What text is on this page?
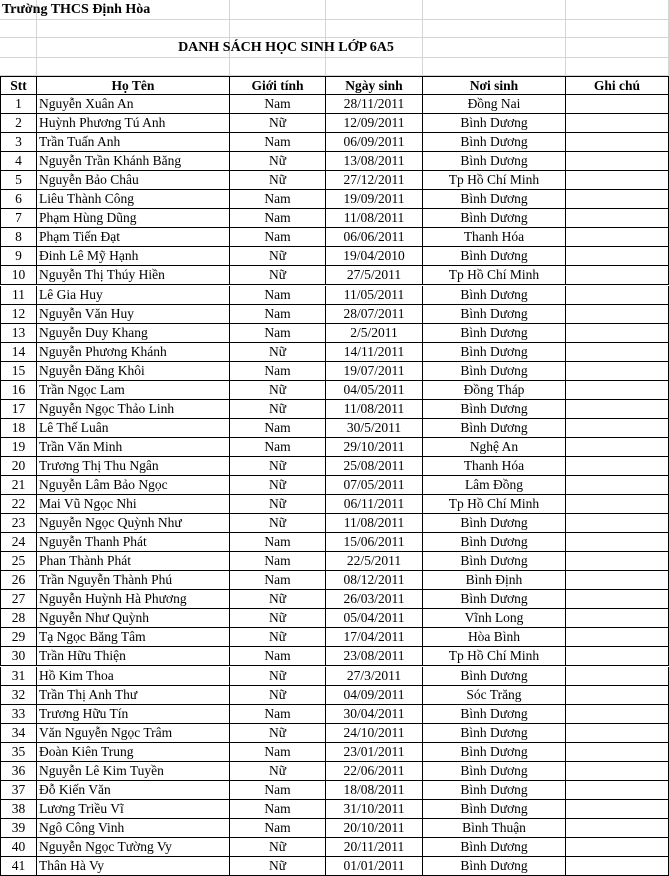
Trường THCS Định Hòa
DANH SÁCH HỌC SINH LỚP 6A5
Stt	Họ Tên	Giới tính	Ngày sinh	Nơi sinh	Ghi chú
1	Nguyễn Xuân An	Nam	28/11/2011	Đồng Nai
2	Huỳnh Phương Tú Anh	Nữ	12/09/2011	Bình Dương
3	Trần Tuấn Anh	Nam	06/09/2011	Bình Dương
4	Nguyễn Trần Khánh Băng	Nữ	13/08/2011	Bình Dương
5	Nguyễn Bảo Châu	Nữ	27/12/2011	Tp Hồ Chí Minh
6	Liêu Thành Công	Nam	19/09/2011	Bình Dương
7	Phạm Hùng Dũng	Nam	11/08/2011	Bình Dương
8	Phạm Tiến Đạt	Nam	06/06/2011	Thanh Hóa
9	Đinh Lê Mỹ Hạnh	Nữ	19/04/2010	Bình Dương
10	Nguyễn Thị Thúy Hiền	Nữ	27/5/2011	Tp Hồ Chí Minh
11	Lê Gia Huy	Nam	11/05/2011	Bình Dương
12	Nguyễn Văn Huy	Nam	28/07/2011	Bình Dương
13	Nguyễn Duy Khang	Nam	2/5/2011	Bình Dương
14	Nguyễn Phương Khánh	Nữ	14/11/2011	Bình Dương
15	Nguyễn Đăng Khôi	Nam	19/07/2011	Bình Dương
16	Trần Ngọc Lam	Nữ	04/05/2011	Đồng Tháp
17	Nguyễn Ngọc Thảo Linh	Nữ	11/08/2011	Bình Dương
18	Lê Thế Luân	Nam	30/5/2011	Bình Dương
19	Trần Văn Minh	Nam	29/10/2011	Nghệ An
20	Trương Thị Thu Ngân	Nữ	25/08/2011	Thanh Hóa
21	Nguyễn Lâm Bảo Ngọc	Nữ	07/05/2011	Lâm Đồng
22	Mai Vũ Ngọc Nhi	Nữ	06/11/2011	Tp Hồ Chí Minh
23	Nguyễn Ngọc Quỳnh Như	Nữ	11/08/2011	Bình Dương
24	Nguyễn Thanh Phát	Nam	15/06/2011	Bình Dương
25	Phan Thành Phát	Nam	22/5/2011	Bình Dương
26	Trần Nguyễn Thành Phú	Nam	08/12/2011	Bình Định
27	Nguyễn Huỳnh Hà Phương	Nữ	26/03/2011	Bình Dương
28	Nguyễn Như Quỳnh	Nữ	05/04/2011	Vĩnh Long
29	Tạ Ngọc Băng Tâm	Nữ	17/04/2011	Hòa Bình
30	Trần Hữu Thiện	Nam	23/08/2011	Tp Hồ Chí Minh
31	Hồ Kim Thoa	Nữ	27/3/2011	Bình Dương
32	Trần Thị Anh Thư	Nữ	04/09/2011	Sóc Trăng
33	Trương Hữu Tín	Nam	30/04/2011	Bình Dương
34	Văn Nguyễn Ngọc Trâm	Nữ	24/10/2011	Bình Dương
35	Đoàn Kiên Trung	Nam	23/01/2011	Bình Dương
36	Nguyễn Lê Kim Tuyền	Nữ	22/06/2011	Bình Dương
37	Đỗ Kiến Văn	Nam	18/08/2011	Bình Dương
38	Lương Triều Vĩ	Nam	31/10/2011	Bình Dương
39	Ngô Công Vinh	Nam	20/10/2011	Bình Thuận
40	Nguyễn Ngọc Tường Vy	Nữ	20/11/2011	Bình Dương
41	Thân Hà Vy	Nữ	01/01/2011	Bình Dương
